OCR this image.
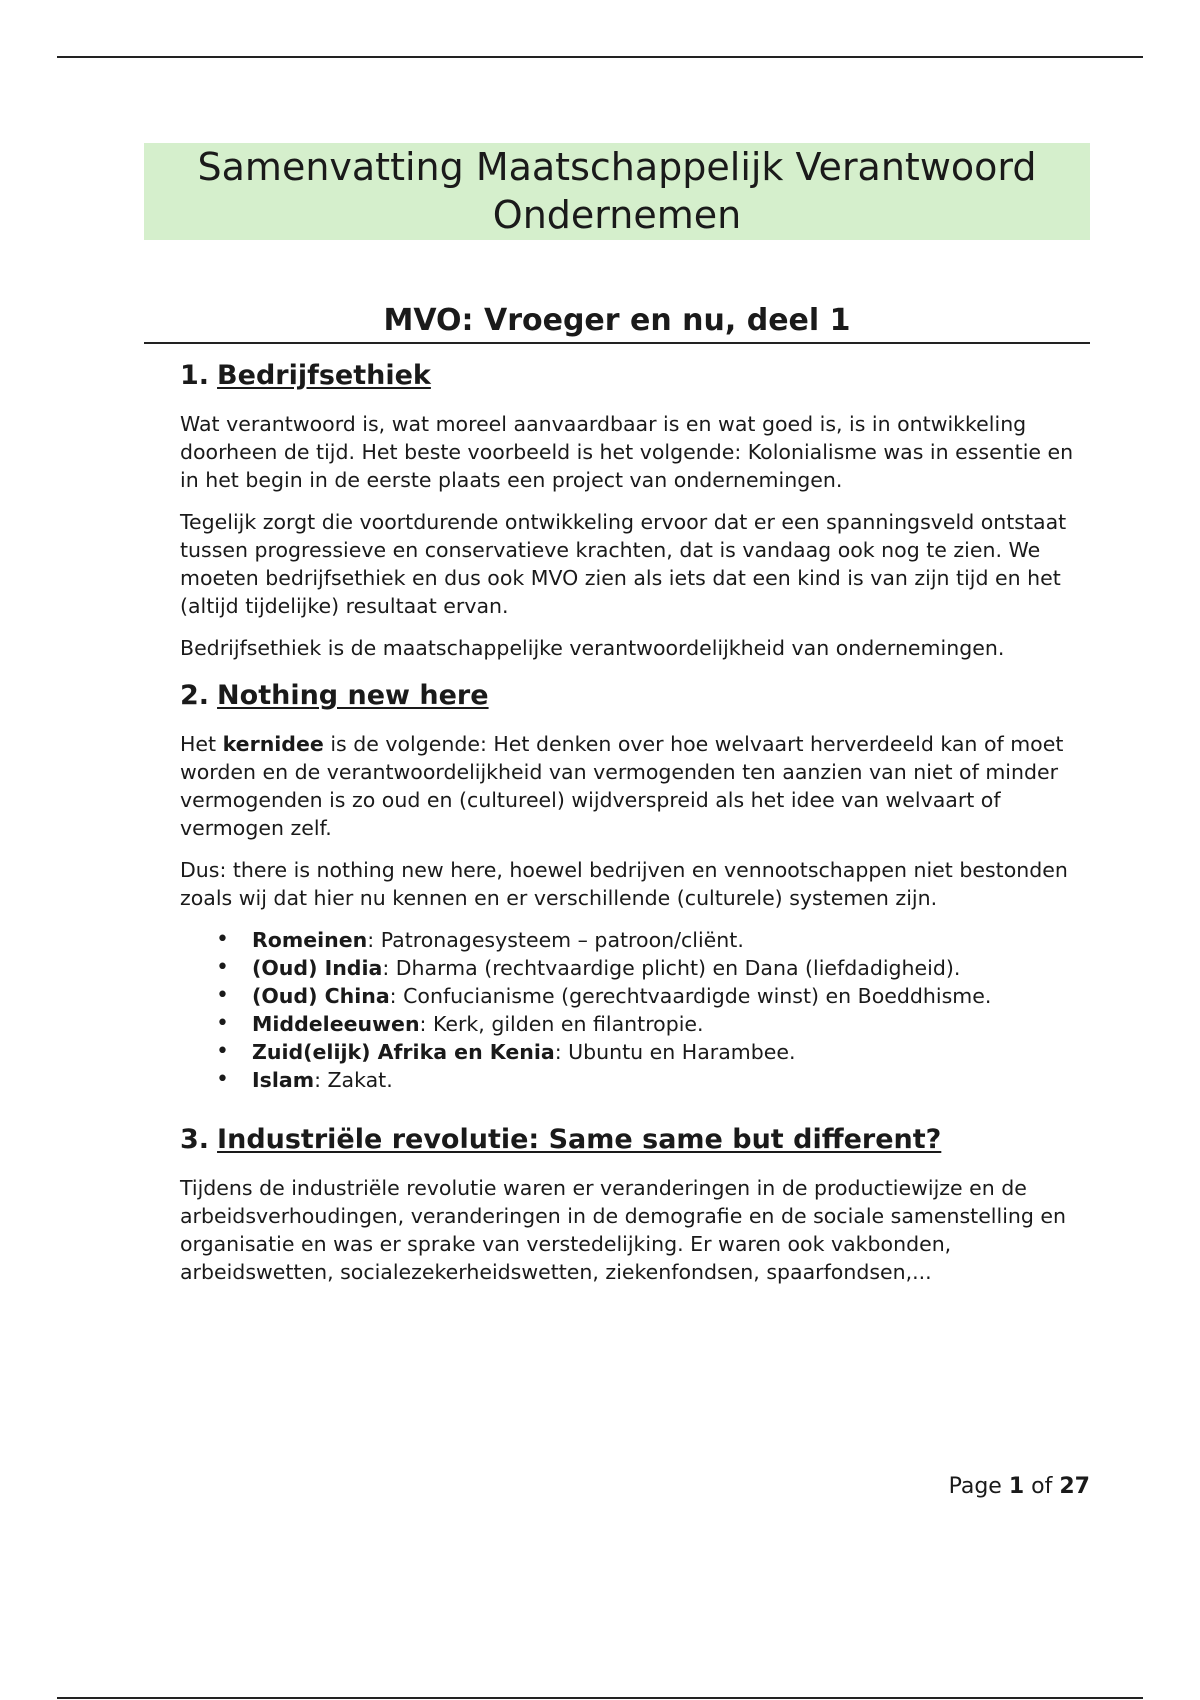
Samenvatting Maatschappelijk Verantwoord
Ondernemen
MVO: Vroeger en nu, deel 1
1. Bedrijfsethiek

Wat verantwoord is, wat moreel aanvaardbaar is en wat goed is, is in ontwikkeling doorheen de tijd. Het beste voorbeeld is het volgende: Kolonialisme was in essentie en in het begin in de eerste plaats een project van ondernemingen.

Tegelijk zorgt die voortdurende ontwikkeling ervoor dat er een spanningsveld ontstaat tussen progressieve en conservatieve krachten, dat is vandaag ook nog te zien. We moeten bedrijfsethiek en dus ook MVO zien als iets dat een kind is van zijn tijd en het (altijd tijdelijke) resultaat ervan.

Bedrijfsethiek is de maatschappelijke verantwoordelijkheid van ondernemingen.

2. Nothing new here

Het kernidee is de volgende: Het denken over hoe welvaart herverdeeld kan of moet worden en de verantwoordelijkheid van vermogenden ten aanzien van niet of minder vermogenden is zo oud en (cultureel) wijdverspreid als het idee van welvaart of vermogen zelf.

Dus: there is nothing new here, hoewel bedrijven en vennootschappen niet bestonden zoals wij dat hier nu kennen en er verschillende (culturele) systemen zijn.

• Romeinen: Patronagesysteem – patroon/cliënt.
• (Oud) India: Dharma (rechtvaardige plicht) en Dana (liefdadigheid).
• (Oud) China: Confucianisme (gerechtvaardigde winst) en Boeddhisme.
• Middeleeuwen: Kerk, gilden en filantropie.
• Zuid(elijk) Afrika en Kenia: Ubuntu en Harambee.
• Islam: Zakat.
3. Industriële revolutie: Same same but different?

Tijdens de industriële revolutie waren er veranderingen in de productiewijze en de arbeidsverhoudingen, veranderingen in de demografie en de sociale samenstelling en organisatie en was er sprake van verstedelijking. Er waren ook vakbonden, arbeidswetten, socialezekerheidswetten, ziekenfondsen, spaarfondsen,...

Page 1 of 27
